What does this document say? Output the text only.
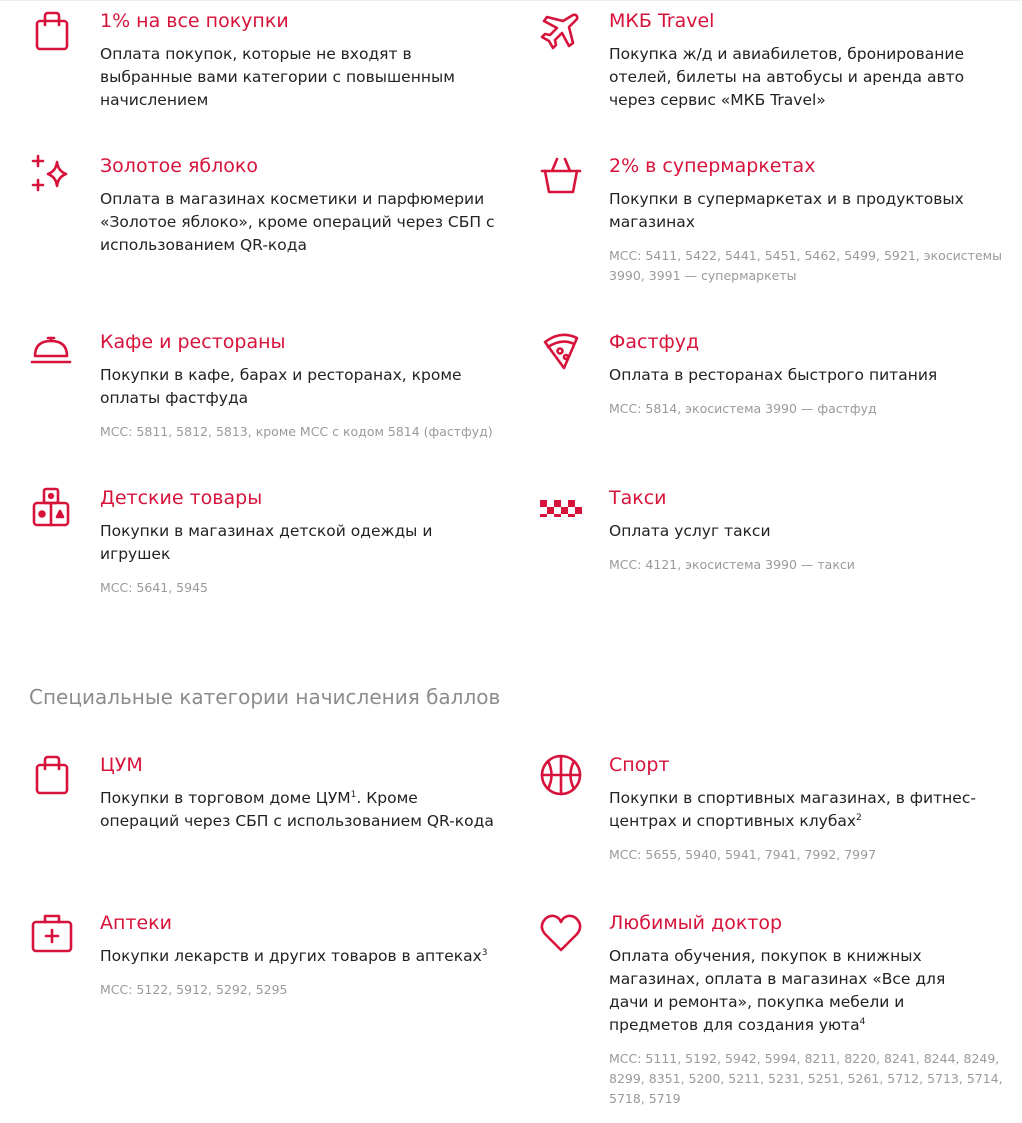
1% на все покупки
Оплата покупок, которые не входят в выбранные вами категории с повышенным начислением
МКБ Travel
Покупка ж/д и авиабилетов, бронирование отелей, билеты на автобусы и аренда авто через сервис «МКБ Travel»
Золотое яблоко
Оплата в магазинах косметики и парфюмерии «Золотое яблоко», кроме операций через СБП с использованием QR-кода
2% в супермаркетах
Покупки в супермаркетах и в продуктовых магазинах
MCC: 5411, 5422, 5441, 5451, 5462, 5499, 5921, экосистемы 3990, 3991 — супермаркеты
Кафе и рестораны
Покупки в кафе, барах и ресторанах, кроме оплаты фастфуда
MCC: 5811, 5812, 5813, кроме MCC с кодом 5814 (фастфуд)
Фастфуд
Оплата в ресторанах быстрого питания
MCC: 5814, экосистема 3990 — фастфуд
Детские товары
Покупки в магазинах детской одежды и игрушек
MCC: 5641, 5945
Такси
Оплата услуг такси
MCC: 4121, экосистема 3990 — такси
Специальные категории начисления баллов
ЦУМ
Покупки в торговом доме ЦУМ$^1$. Кроме операций через СБП с использованием QR-кода
Спорт
Покупки в спортивных магазинах, в фитнес-центрах и спортивных клубах$^2$
MCC: 5655, 5940, 5941, 7941, 7992, 7997
Аптеки
Покупки лекарств и других товаров в аптеках$^3$
MCC: 5122, 5912, 5292, 5295
Любимый доктор
Оплата обучения, покупок в книжных магазинах, оплата в магазинах «Все для дачи и ремонта», покупка мебели и предметов для создания уюта$^4$
MCC: 5111, 5192, 5942, 5994, 8211, 8220, 8241, 8244, 8249, 8299, 8351, 5200, 5211, 5231, 5251, 5261, 5712, 5713, 5714, 5718, 5719
